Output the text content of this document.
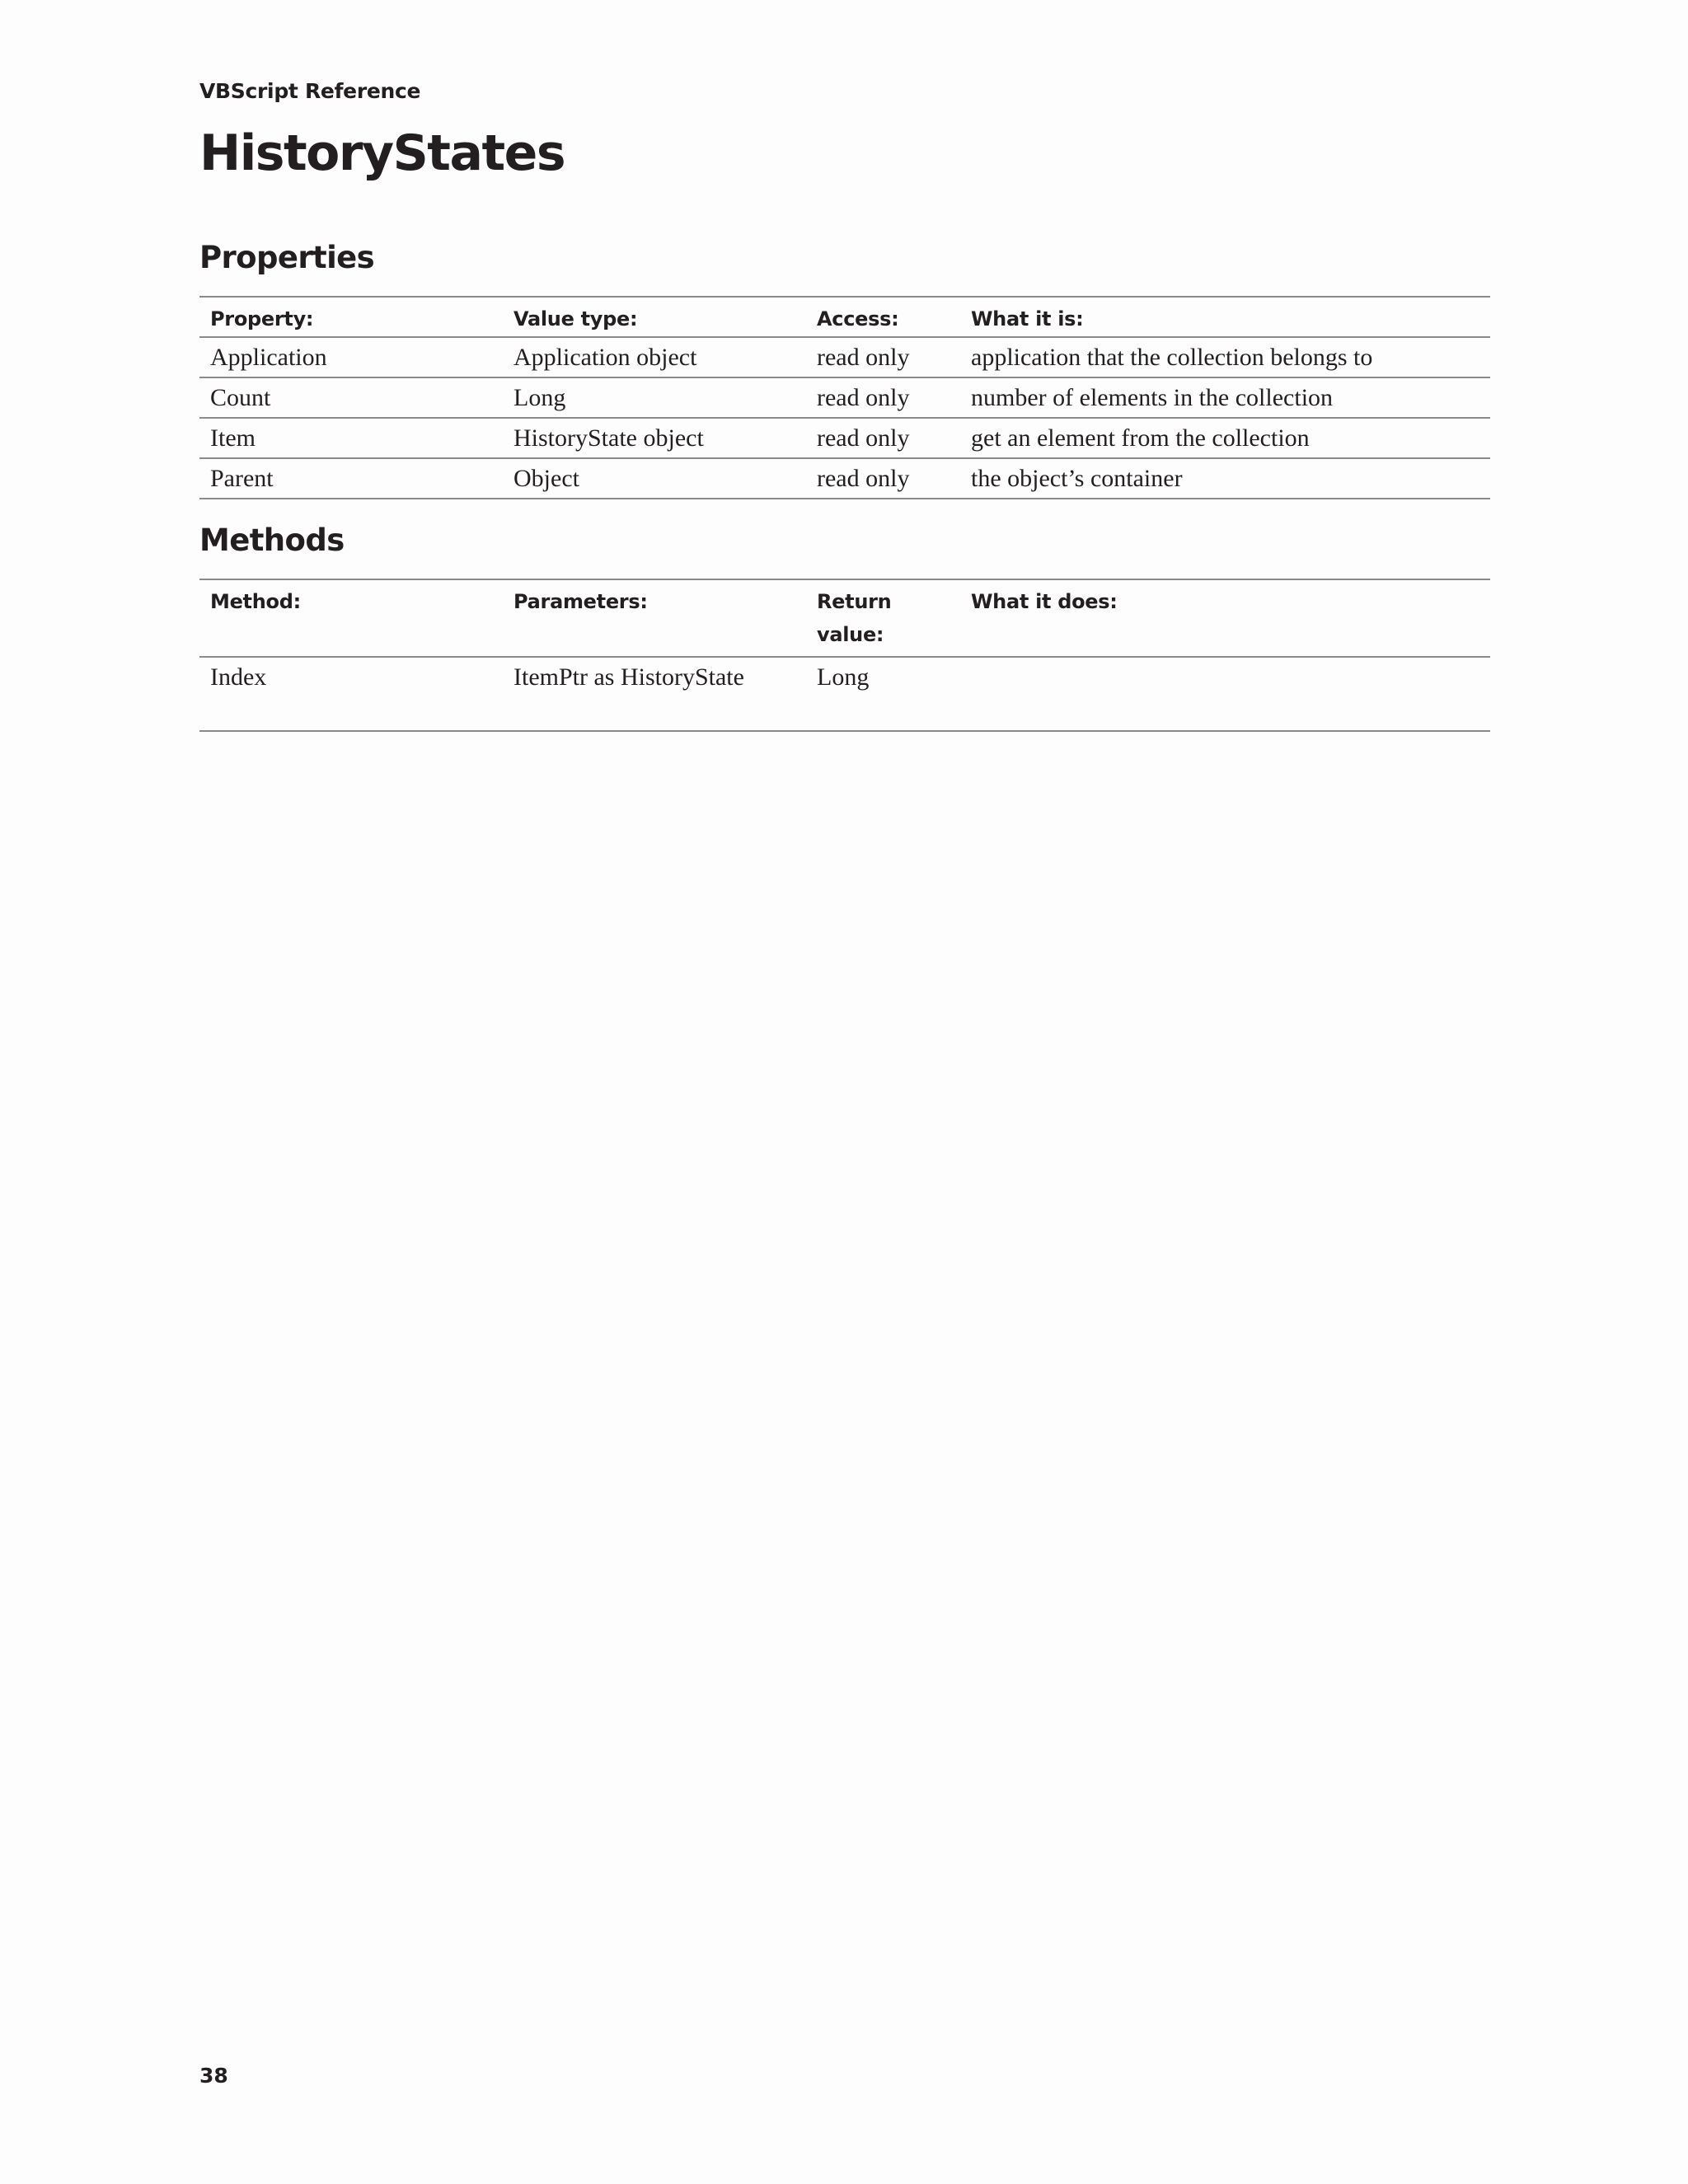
VBScript Reference
HistoryStates
Properties
Property:	Value type:	Access:	What it is:
Application	Application object	read only	application that the collection belongs to
Count	Long	read only	number of elements in the collection
Item	HistoryState object	read only	get an element from the collection
Parent	Object	read only	the object’s container
Methods
Method:	Parameters:	Return value:	What it does:
Index	ItemPtr as HistoryState	Long	
38
